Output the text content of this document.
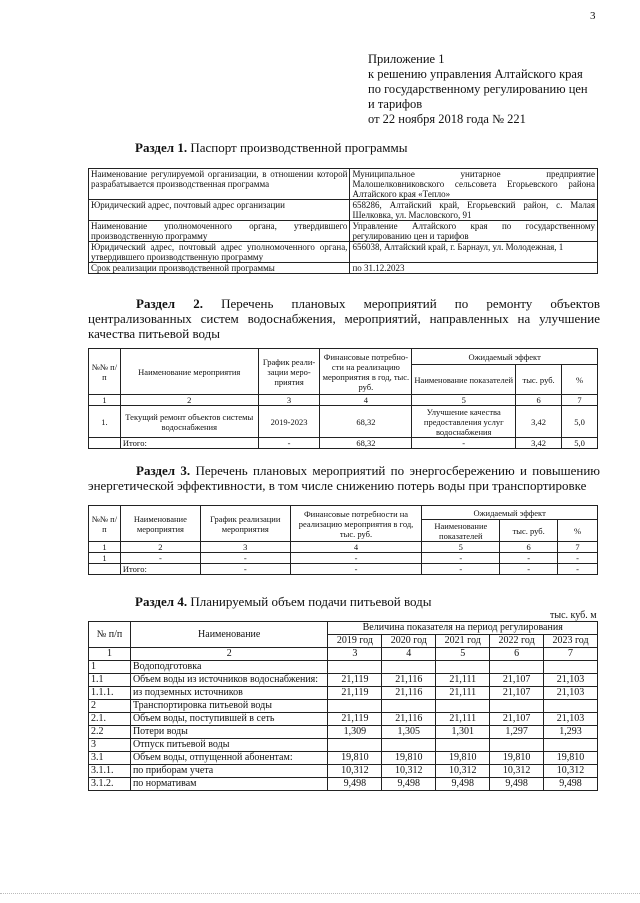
3
Приложение 1
к решению управления Алтайского края
по государственному регулированию цен
и тарифов
от 22 ноября 2018 года № 221
Раздел 1. Паспорт производственной программы
Наименование регулируемой организации, в отношении которой разрабатывается производственная программа	Муниципальное унитарное предприятие Малошелковниковского сельсовета Егорьевского района Алтайского края «Тепло»
Юридический адрес, почтовый адрес организации	658286, Алтайский край, Егорьевский район, с. Малая Шелковка, ул. Масловского, 91
Наименование уполномоченного органа, утвердившего производственную программу	Управление Алтайского края по государственному регулированию цен и тарифов
Юридический адрес, почтовый адрес уполномоченного органа, утвердившего производственную программу	656038, Алтайский край, г. Барнаул, ул. Молодежная, 1
Срок реализации производственной программы	по 31.12.2023
Раздел 2. Перечень плановых мероприятий по ремонту объектов централизованных систем водоснабжения, мероприятий, направленных на улучшение качества питьевой воды
№№ п/п	Наименование мероприятия	График реали-зации меро-приятия	Финансовые потребно-сти на реализацию мероприятия в год, тыс. руб.	Ожидаемый эффект		
				Наименование показателей	тыс. руб.	%
1	2	3	4	5	6	7
1.	Текущий ремонт объектов системы водоснабжения	2019-2023	68,32	Улучшение качества предоставления услуг водоснабжения	3,42	5,0
	Итого:	-	68,32	-	3,42	5,0
Раздел 3. Перечень плановых мероприятий по энергосбережению и повышению энергетической эффективности, в том числе снижению потерь воды при транспортировке
№№ п/п	Наименование мероприятия	График реализации мероприятия	Финансовые потребности на реализацию мероприятия в год, тыс. руб.	Ожидаемый эффект		
				Наименование показателей	тыс. руб.	%
1	2	3	4	5	6	7
1	-	-	-	-	-	-
	Итого:	-	-	-	-	-
Раздел 4. Планируемый объем подачи питьевой воды
тыс. куб. м
№ п/п	Наименование	Величина показателя на период регулирования				
		2019 год	2020 год	2021 год	2022 год	2023 год
1	2	3	4	5	6	7
1	Водоподготовка					
1.1	Объем воды из источников водоснабжения:	21,119	21,116	21,111	21,107	21,103
1.1.1.	из подземных источников	21,119	21,116	21,111	21,107	21,103
2	Транспортировка питьевой воды					
2.1.	Объем воды, поступившей в сеть	21,119	21,116	21,111	21,107	21,103
2.2	Потери воды	1,309	1,305	1,301	1,297	1,293
3	Отпуск питьевой воды					
3.1	Объем воды, отпущенной абонентам:	19,810	19,810	19,810	19,810	19,810
3.1.1.	по приборам учета	10,312	10,312	10,312	10,312	10,312
3.1.2.	по нормативам	9,498	9,498	9,498	9,498	9,498
